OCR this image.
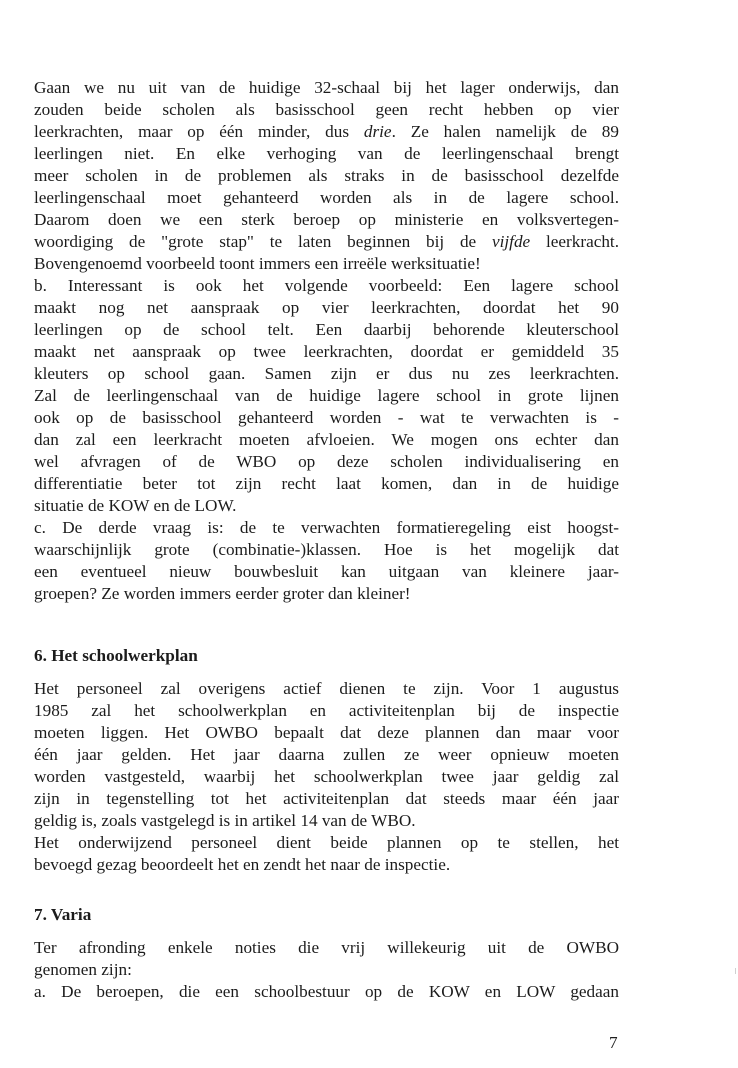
Gaan we nu uit van de huidige 32-schaal bij het lager onderwijs, dan
zouden beide scholen als basisschool geen recht hebben op vier
leerkrachten, maar op één minder, dus drie. Ze halen namelijk de 89
leerlingen niet. En elke verhoging van de leerlingenschaal brengt
meer scholen in de problemen als straks in de basisschool dezelfde
leerlingenschaal moet gehanteerd worden als in de lagere school.
Daarom doen we een sterk beroep op ministerie en volksvertegen-
woordiging de "grote stap" te laten beginnen bij de vijfde leerkracht.
Bovengenoemd voorbeeld toont immers een irreële werksituatie!
b. Interessant is ook het volgende voorbeeld: Een lagere school
maakt nog net aanspraak op vier leerkrachten, doordat het 90
leerlingen op de school telt. Een daarbij behorende kleuterschool
maakt net aanspraak op twee leerkrachten, doordat er gemiddeld 35
kleuters op school gaan. Samen zijn er dus nu zes leerkrachten.
Zal de leerlingenschaal van de huidige lagere school in grote lijnen
ook op de basisschool gehanteerd worden - wat te verwachten is -
dan zal een leerkracht moeten afvloeien. We mogen ons echter dan
wel afvragen of de WBO op deze scholen individualisering en
differentiatie beter tot zijn recht laat komen, dan in de huidige
situatie de KOW en de LOW.
c. De derde vraag is: de te verwachten formatieregeling eist hoogst-
waarschijnlijk grote (combinatie-)klassen. Hoe is het mogelijk dat
een eventueel nieuw bouwbesluit kan uitgaan van kleinere jaar-
groepen? Ze worden immers eerder groter dan kleiner!
6. Het schoolwerkplan
Het personeel zal overigens actief dienen te zijn. Voor 1 augustus
1985 zal het schoolwerkplan en activiteitenplan bij de inspectie
moeten liggen. Het OWBO bepaalt dat deze plannen dan maar voor
één jaar gelden. Het jaar daarna zullen ze weer opnieuw moeten
worden vastgesteld, waarbij het schoolwerkplan twee jaar geldig zal
zijn in tegenstelling tot het activiteitenplan dat steeds maar één jaar
geldig is, zoals vastgelegd is in artikel 14 van de WBO.
Het onderwijzend personeel dient beide plannen op te stellen, het
bevoegd gezag beoordeelt het en zendt het naar de inspectie.
7. Varia
Ter afronding enkele noties die vrij willekeurig uit de OWBO
genomen zijn:
a. De beroepen, die een schoolbestuur op de KOW en LOW gedaan
7
